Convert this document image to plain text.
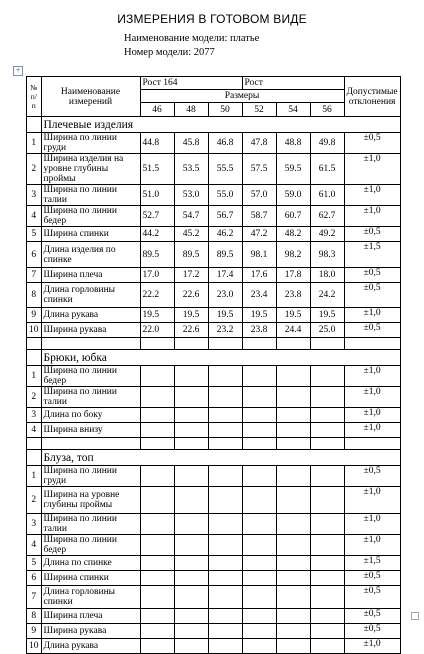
ИЗМЕРЕНИЯ В ГОТОВОМ ВИДЕ
Наименование модели: платье
Номер модели: 2077
+
№ п/ п	Наименование измерений	Рост 164			Рост			Допустимые отклонения
		Размеры						
		46	48	50	52	54	56	
	Плечевые изделия							
1	Ширина по линии груди	44.8	45.8	46.8	47.8	48.8	49.8	±0,5
2	Ширина изделия на уровне глубины проймы	51.5	53.5	55.5	57.5	59.5	61.5	±1,0
3	Ширина по линии талии	51.0	53.0	55.0	57.0	59.0	61.0	±1,0
4	Ширина по линии бедер	52.7	54.7	56.7	58.7	60.7	62.7	±1,0
5	Ширина спинки	44.2	45.2	46.2	47.2	48.2	49.2	±0,5
6	Длина изделия по спинке	89.5	89.5	89.5	98.1	98.2	98.3	±1,5
7	Ширина плеча	17.0	17.2	17.4	17.6	17.8	18.0	±0,5
8	Длина горловины спинки	22.2	22.6	23.0	23.4	23.8	24.2	±0,5
9	Длина рукава	19.5	19.5	19.5	19.5	19.5	19.5	±1,0
10	Ширина рукава	22.0	22.6	23.2	23.8	24.4	25.0	±0,5

	Брюки, юбка							
1	Ширина по линии бедер							±1,0
2	Ширина по линии талии							±1,0
3	Длина по боку							±1,0
4	Ширина внизу							±1,0

	Блуза, топ							
1	Ширина по линии груди							±0,5
2	Ширина на уровне глубины проймы							±1,0
3	Ширина по линии талии							±1,0
4	Ширина по линии бедер							±1,0
5	Длина по спинке							±1,5
6	Ширина спинки							±0,5
7	Длина горловины спинки							±0,5
8	Ширина плеча							±0,5
9	Ширина рукава							±0,5
10	Длина рукава							±1,0
